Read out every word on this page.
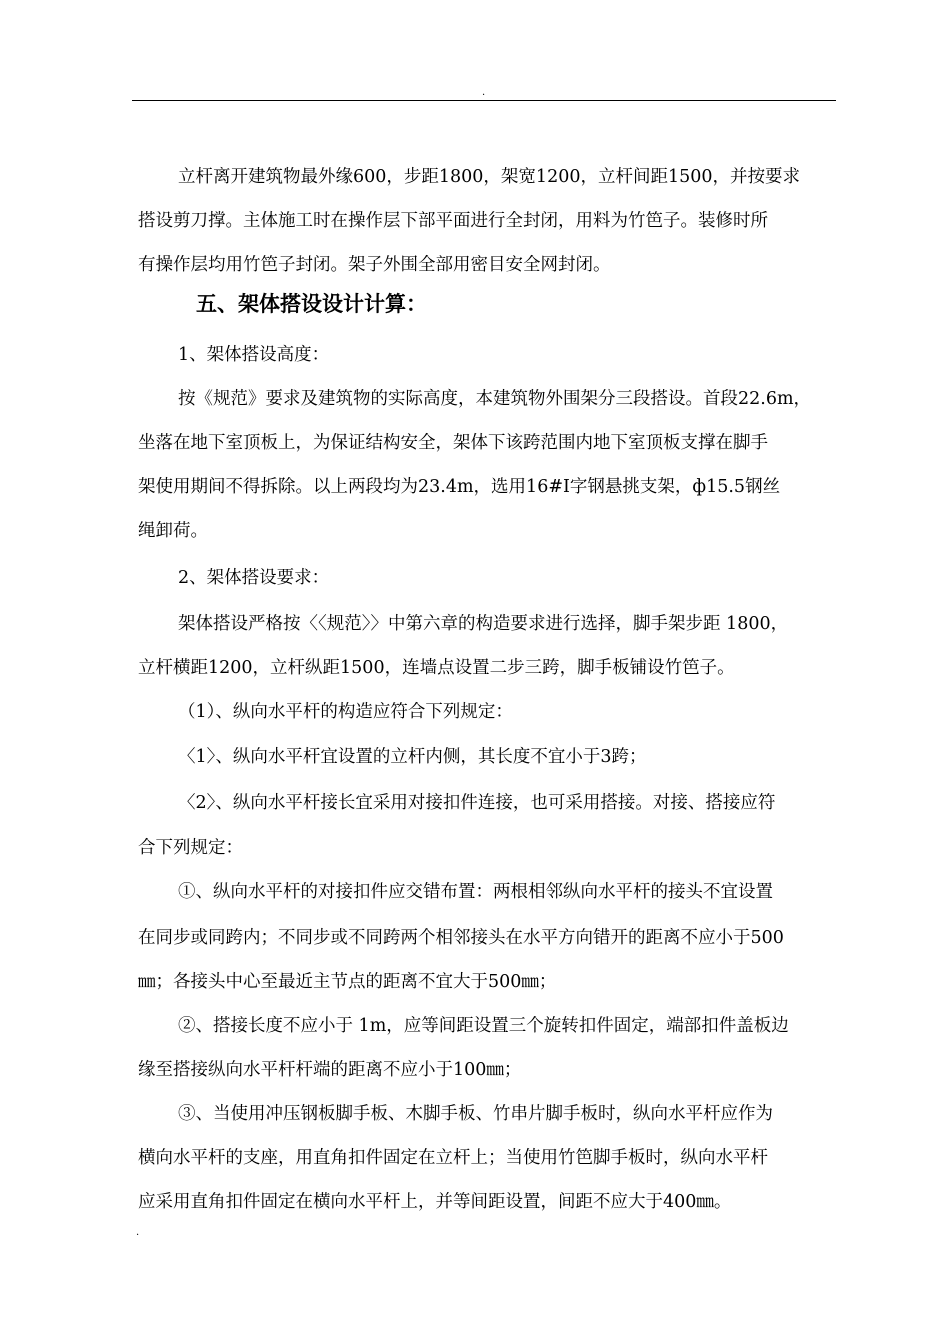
.

立杆离开建筑物最外缘600，步距1800，架宽1200，立杆间距1500，并按要求

搭设剪刀撑。主体施工时在操作层下部平面进行全封闭，用料为竹笆子。装修时所

有操作层均用竹笆子封闭。架子外围全部用密目安全网封闭。

五、架体搭设设计计算：

1、架体搭设高度：

按《规范》要求及建筑物的实际高度，本建筑物外围架分三段搭设。首段22.6m，

坐落在地下室顶板上，为保证结构安全，架体下该跨范围内地下室顶板支撑在脚手

架使用期间不得拆除。以上两段均为23.4m，选用16#I字钢悬挑支架，ф15.5钢丝

绳卸荷。

2、架体搭设要求：

架体搭设严格按〈〈规范〉〉中第六章的构造要求进行选择，脚手架步距 1800，

立杆横距1200，立杆纵距1500，连墙点设置二步三跨，脚手板铺设竹笆子。

（1）、纵向水平杆的构造应符合下列规定：

〈1〉、纵向水平杆宜设置的立杆内侧，其长度不宜小于3跨；

〈2〉、纵向水平杆接长宜采用对接扣件连接，也可采用搭接。对接、搭接应符

合下列规定：

①、纵向水平杆的对接扣件应交错布置：两根相邻纵向水平杆的接头不宜设置

在同步或同跨内；不同步或不同跨两个相邻接头在水平方向错开的距离不应小于500

㎜；各接头中心至最近主节点的距离不宜大于500㎜；

②、搭接长度不应小于 1m，应等间距设置三个旋转扣件固定，端部扣件盖板边

缘至搭接纵向水平杆杆端的距离不应小于100㎜；

③、当使用冲压钢板脚手板、木脚手板、竹串片脚手板时，纵向水平杆应作为

横向水平杆的支座，用直角扣件固定在立杆上；当使用竹笆脚手板时，纵向水平杆

应采用直角扣件固定在横向水平杆上，并等间距设置，间距不应大于400㎜。

.
